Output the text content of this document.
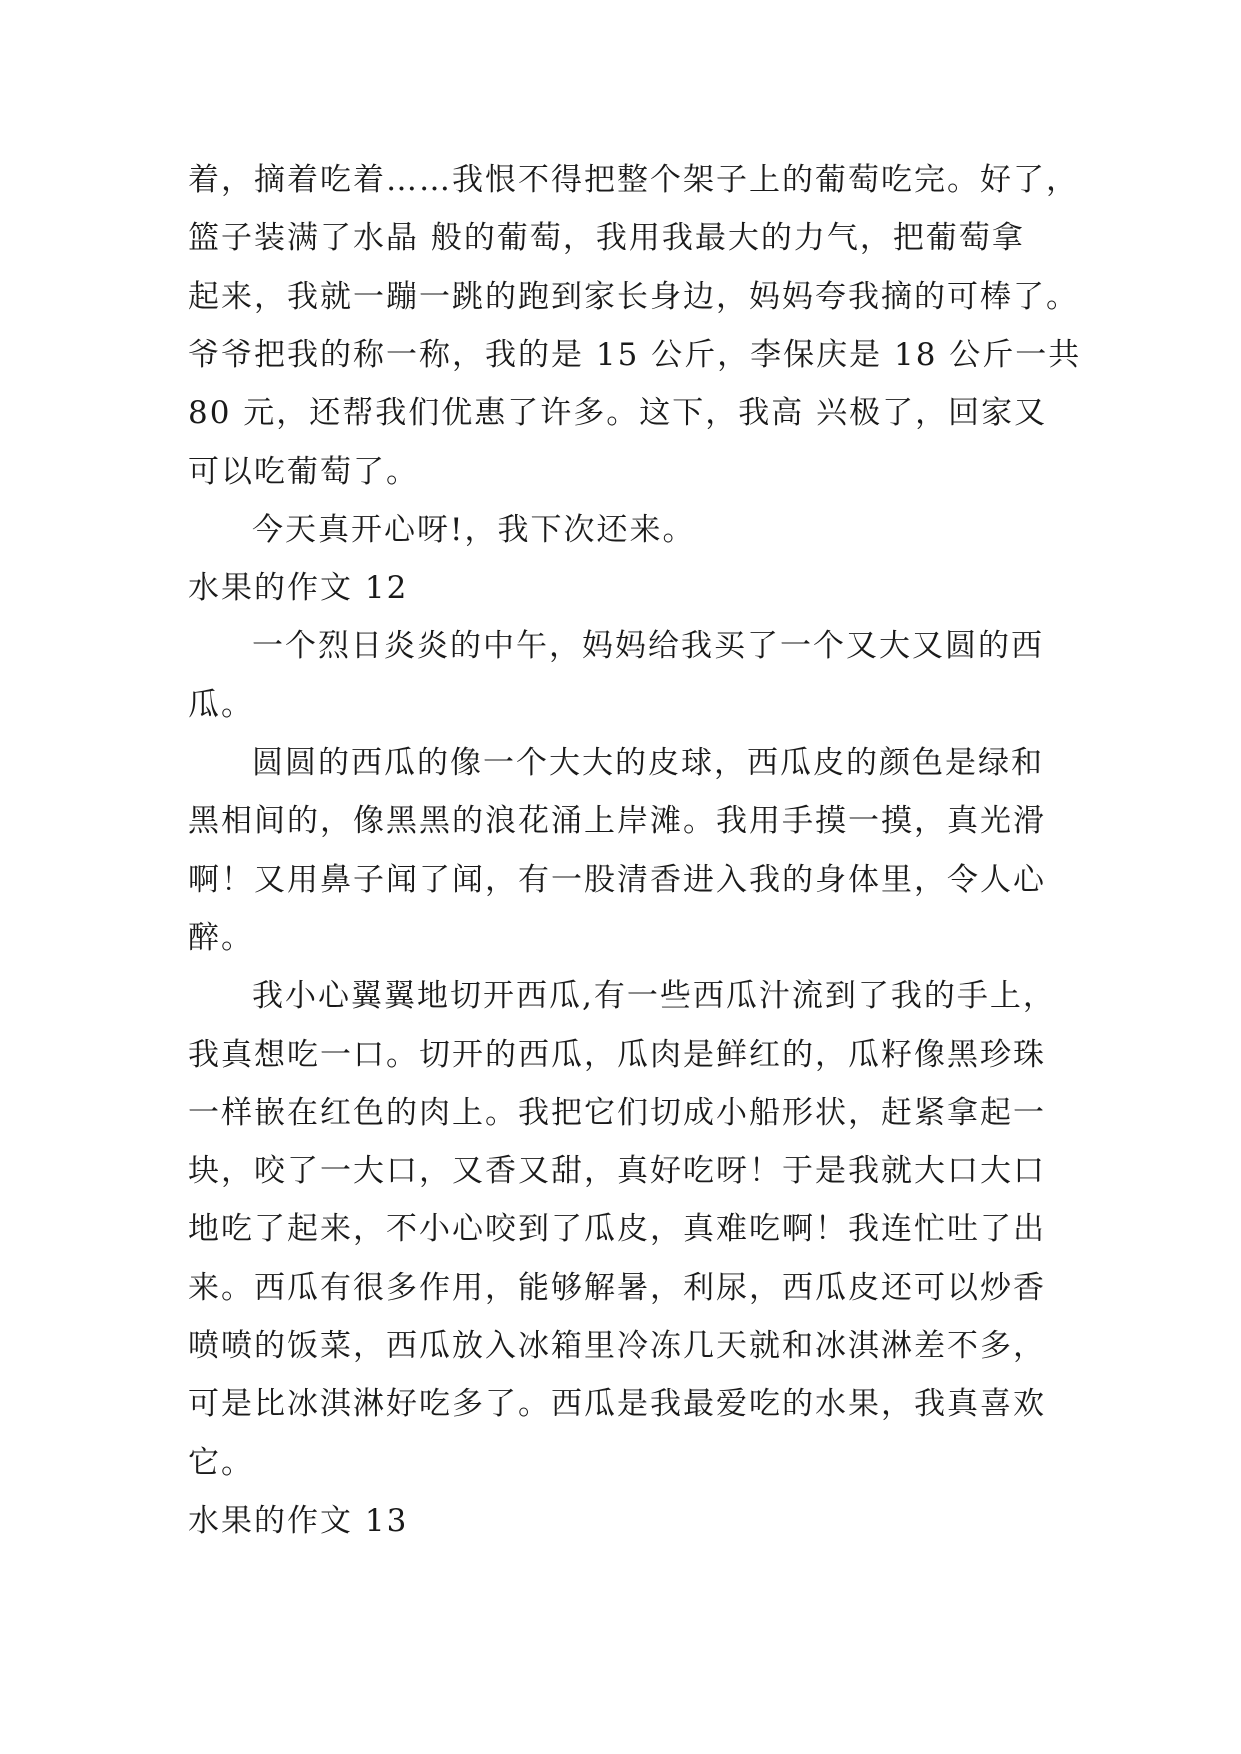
着，摘着吃着……我恨不得把整个架子上的葡萄吃完。好了，
篮子装满了水晶 般的葡萄，我用我最大的力气，把葡萄拿
起来，我就一蹦一跳的跑到家长身边，妈妈夸我摘的可棒了。
爷爷把我的称一称，我的是 15 公斤，李保庆是 18 公斤一共
80 元，还帮我们优惠了许多。这下，我高 兴极了，回家又
可以吃葡萄了。
今天真开心呀!，我下次还来。
水果的作文 12
一个烈日炎炎的中午，妈妈给我买了一个又大又圆的西
瓜。
圆圆的西瓜的像一个大大的皮球，西瓜皮的颜色是绿和
黑相间的，像黑黑的浪花涌上岸滩。我用手摸一摸，真光滑
啊！又用鼻子闻了闻，有一股清香进入我的身体里，令人心
醉。
我小心翼翼地切开西瓜,有一些西瓜汁流到了我的手上，
我真想吃一口。切开的西瓜，瓜肉是鲜红的，瓜籽像黑珍珠
一样嵌在红色的肉上。我把它们切成小船形状，赶紧拿起一
块，咬了一大口，又香又甜，真好吃呀！于是我就大口大口
地吃了起来，不小心咬到了瓜皮，真难吃啊！我连忙吐了出
来。西瓜有很多作用，能够解暑，利尿，西瓜皮还可以炒香
喷喷的饭菜，西瓜放入冰箱里冷冻几天就和冰淇淋差不多，
可是比冰淇淋好吃多了。西瓜是我最爱吃的水果，我真喜欢
它。
水果的作文 13
